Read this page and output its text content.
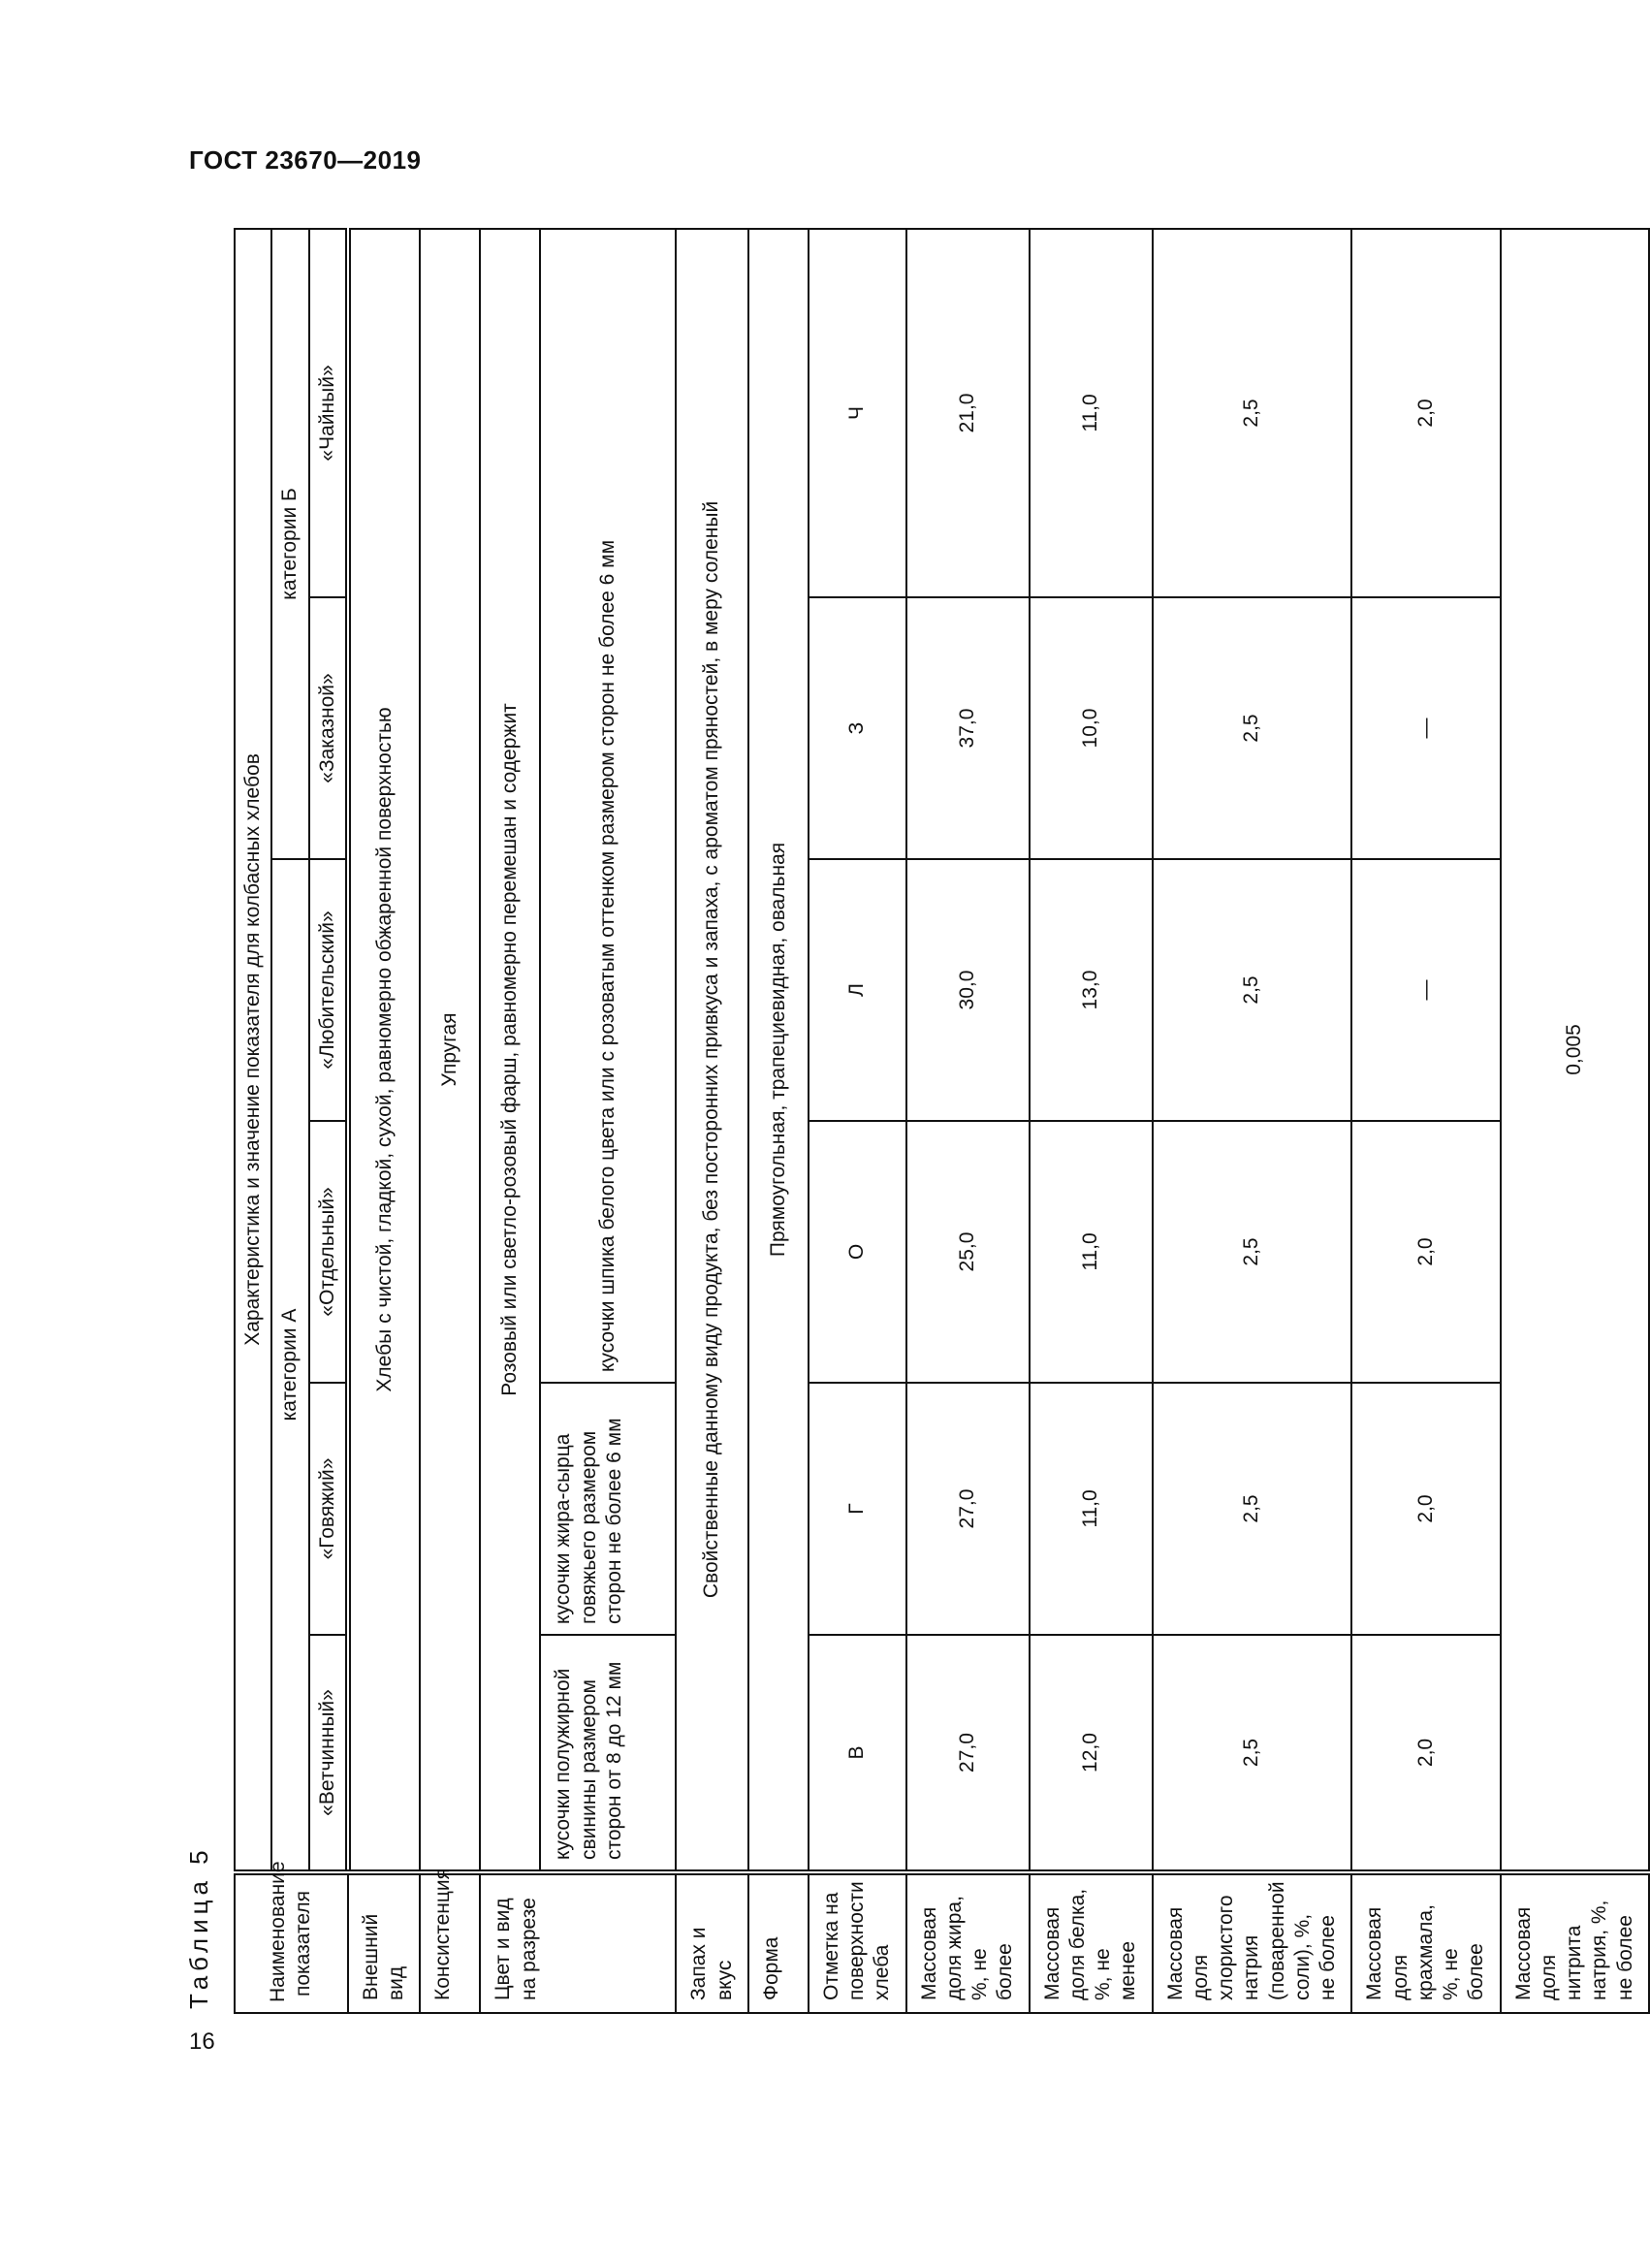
ГОСТ 23670—2019
Таблица 5
16
Наименование показателя	Характеристика и значение показателя для колбасных хлебов					
	категории А				категории Б	
	«Ветчинный»	«Говяжий»	«Отдельный»	«Любительский»	«Заказной»	«Чайный»
Внешний вид	Хлебы с чистой, гладкой, сухой, равномерно обжаренной поверхностью					
Консистенция	Упругая					
Цвет и вид на разрезе	Розовый или светло-розовый фарш, равномерно перемешан и содержит					
	кусочки полужирной свинины размером сторон от 8 до 12 мм	кусочки жира-сырца говяжьего размером сторон не более 6 мм	кусочки шпика белого цвета или с розоватым оттенком размером сторон не более 6 мм			
Запах и вкус	Свойственные данному виду продукта, без посторонних привкуса и запаха, с ароматом пряностей, в меру соленый					
Форма	Прямоугольная, трапециевидная, овальная					
Отметка на поверхности хлеба	В	Г	О	Л	З	Ч
Массовая доля жира, %, не более	27,0	27,0	25,0	30,0	37,0	21,0
Массовая доля белка, %, не менее	12,0	11,0	11,0	13,0	10,0	11,0
Массовая доля хлористого натрия (поваренной соли), %, не более	2,5	2,5	2,5	2,5	2,5	2,5
Массовая доля крахмала, %, не более	2,0	2,0	2,0	—	—	2,0
Массовая доля нитрита натрия, %, не более	0,005					
